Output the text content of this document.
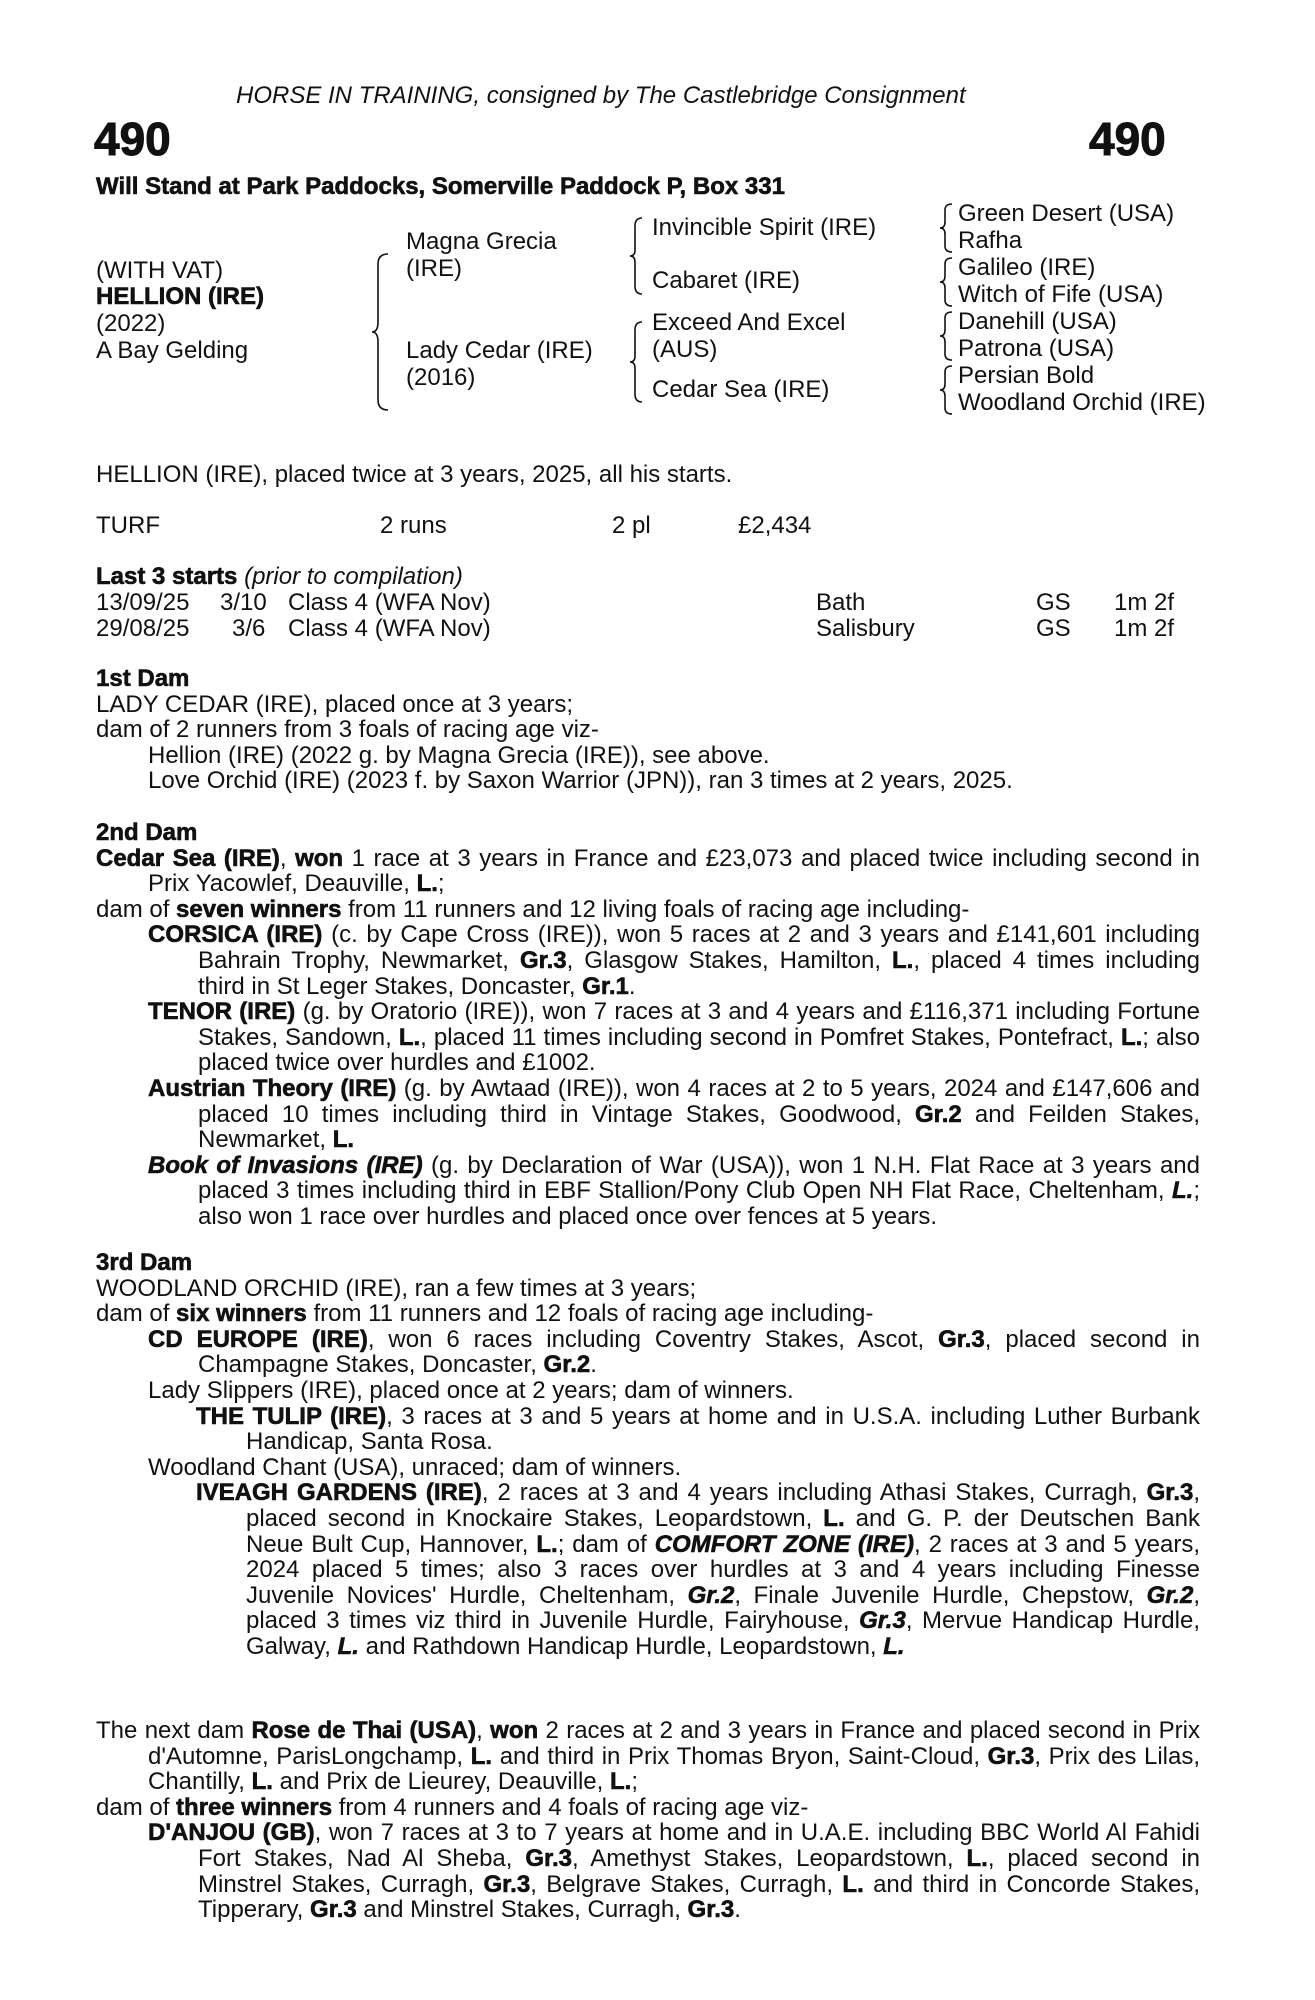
HORSE IN TRAINING, consigned by The Castlebridge Consignment
490	490
Will Stand at Park Paddocks, Somerville Paddock P, Box 331
(WITH VAT)
HELLION (IRE)
(2022)
A Bay Gelding
Magna Grecia
(IRE)
Lady Cedar (IRE)
(2016)
Invincible Spirit (IRE)
Cabaret (IRE)
Exceed And Excel
(AUS)
Cedar Sea (IRE)
Green Desert (USA)
Rafha
Galileo (IRE)
Witch of Fife (USA)
Danehill (USA)
Patrona (USA)
Persian Bold
Woodland Orchid (IRE)
HELLION (IRE), placed twice at 3 years, 2025, all his starts.
TURF	2 runs	2 pl	£2,434
Last 3 starts (prior to compilation)
13/09/25 3/10 Class 4 (WFA Nov)	Bath	GS 1m 2f
29/08/25 3/6 Class 4 (WFA Nov)	Salisbury	GS 1m 2f

1st Dam

LADY CEDAR (IRE), placed once at 3 years;

dam of 2 runners from 3 foals of racing age viz-

Hellion (IRE) (2022 g. by Magna Grecia (IRE)), see above.

Love Orchid (IRE) (2023 f. by Saxon Warrior (JPN)), ran 3 times at 2 years, 2025.

2nd Dam

Cedar Sea (IRE), won 1 race at 3 years in France and £23,073 and placed twice including second in Prix Yacowlef, Deauville, L.;

dam of seven winners from 11 runners and 12 living foals of racing age including-

CORSICA (IRE) (c. by Cape Cross (IRE)), won 5 races at 2 and 3 years and £141,601 including Bahrain Trophy, Newmarket, Gr.3, Glasgow Stakes, Hamilton, L., placed 4 times including third in St Leger Stakes, Doncaster, Gr.1.

TENOR (IRE) (g. by Oratorio (IRE)), won 7 races at 3 and 4 years and £116,371 including Fortune Stakes, Sandown, L., placed 11 times including second in Pomfret Stakes, Pontefract, L.; also placed twice over hurdles and £1002.

Austrian Theory (IRE) (g. by Awtaad (IRE)), won 4 races at 2 to 5 years, 2024 and £147,606 and placed 10 times including third in Vintage Stakes, Goodwood, Gr.2 and Feilden Stakes, Newmarket, L.

Book of Invasions (IRE) (g. by Declaration of War (USA)), won 1 N.H. Flat Race at 3 years and placed 3 times including third in EBF Stallion/Pony Club Open NH Flat Race, Cheltenham, L.; also won 1 race over hurdles and placed once over fences at 5 years.

3rd Dam

WOODLAND ORCHID (IRE), ran a few times at 3 years;

dam of six winners from 11 runners and 12 foals of racing age including-

CD EUROPE (IRE), won 6 races including Coventry Stakes, Ascot, Gr.3, placed second in Champagne Stakes, Doncaster, Gr.2.

Lady Slippers (IRE), placed once at 2 years; dam of winners.

THE TULIP (IRE), 3 races at 3 and 5 years at home and in U.S.A. including Luther Burbank Handicap, Santa Rosa.

Woodland Chant (USA), unraced; dam of winners.

IVEAGH GARDENS (IRE), 2 races at 3 and 4 years including Athasi Stakes, Curragh, Gr.3, placed second in Knockaire Stakes, Leopardstown, L. and G. P. der Deutschen Bank Neue Bult Cup, Hannover, L.; dam of COMFORT ZONE (IRE), 2 races at 3 and 5 years, 2024 placed 5 times; also 3 races over hurdles at 3 and 4 years including Finesse Juvenile Novices' Hurdle, Cheltenham, Gr.2, Finale Juvenile Hurdle, Chepstow, Gr.2, placed 3 times viz third in Juvenile Hurdle, Fairyhouse, Gr.3, Mervue Handicap Hurdle, Galway, L. and Rathdown Handicap Hurdle, Leopardstown, L.

The next dam Rose de Thai (USA), won 2 races at 2 and 3 years in France and placed second in Prix d'Automne, ParisLongchamp, L. and third in Prix Thomas Bryon, Saint-Cloud, Gr.3, Prix des Lilas, Chantilly, L. and Prix de Lieurey, Deauville, L.;

dam of three winners from 4 runners and 4 foals of racing age viz-

D'ANJOU (GB), won 7 races at 3 to 7 years at home and in U.A.E. including BBC World Al Fahidi Fort Stakes, Nad Al Sheba, Gr.3, Amethyst Stakes, Leopardstown, L., placed second in Minstrel Stakes, Curragh, Gr.3, Belgrave Stakes, Curragh, L. and third in Concorde Stakes, Tipperary, Gr.3 and Minstrel Stakes, Curragh, Gr.3.
